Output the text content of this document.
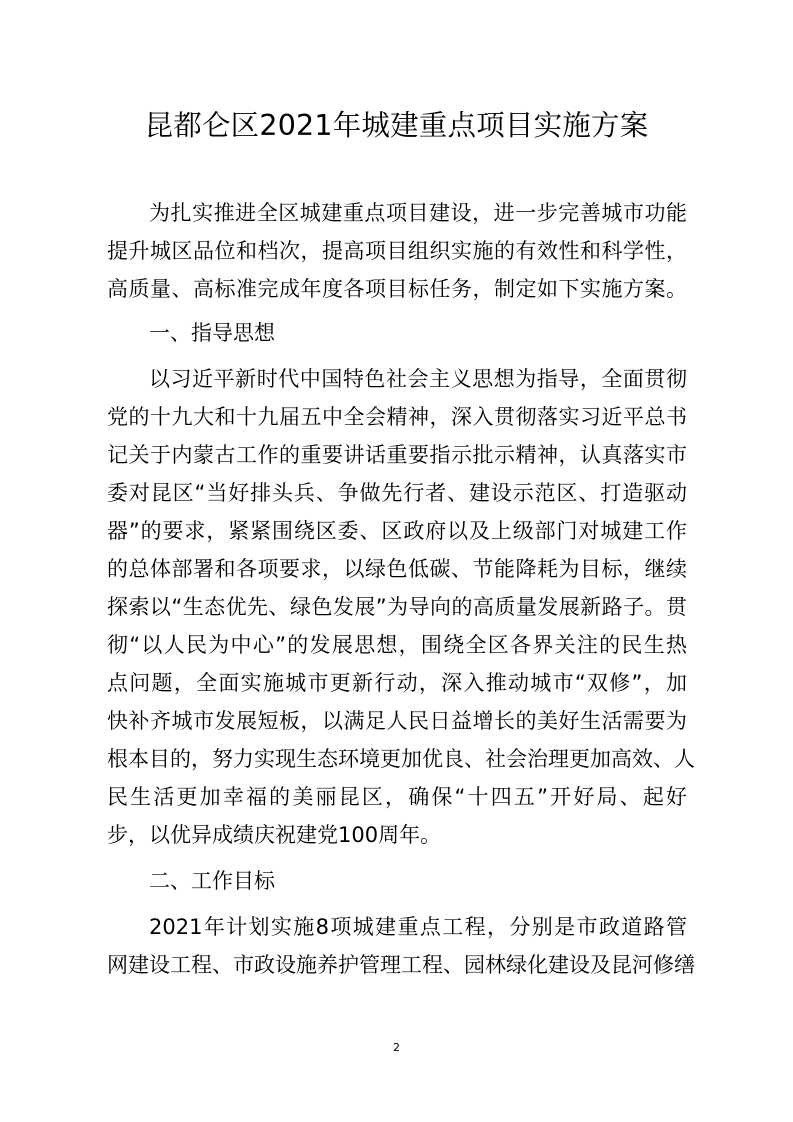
昆都仑区2021年城建重点项目实施方案
为扎实推进全区城建重点项目建设，进一步完善城市功能
提升城区品位和档次，提高项目组织实施的有效性和科学性，
高质量、高标准完成年度各项目标任务，制定如下实施方案。
一、指导思想
以习近平新时代中国特色社会主义思想为指导，全面贯彻
党的十九大和十九届五中全会精神，深入贯彻落实习近平总书
记关于内蒙古工作的重要讲话重要指示批示精神，认真落实市
委对昆区“当好排头兵、争做先行者、建设示范区、打造驱动
器”的要求，紧紧围绕区委、区政府以及上级部门对城建工作
的总体部署和各项要求，以绿色低碳、节能降耗为目标，继续
探索以“生态优先、绿色发展”为导向的高质量发展新路子。贯
彻“以人民为中心”的发展思想，围绕全区各界关注的民生热
点问题，全面实施城市更新行动，深入推动城市“双修”，加
快补齐城市发展短板，以满足人民日益增长的美好生活需要为
根本目的，努力实现生态环境更加优良、社会治理更加高效、人
民生活更加幸福的美丽昆区，确保“十四五”开好局、起好
步，以优异成绩庆祝建党100周年。
二、工作目标
2021年计划实施8项城建重点工程，分别是市政道路管
网建设工程、市政设施养护管理工程、园林绿化建设及昆河修缮
2
